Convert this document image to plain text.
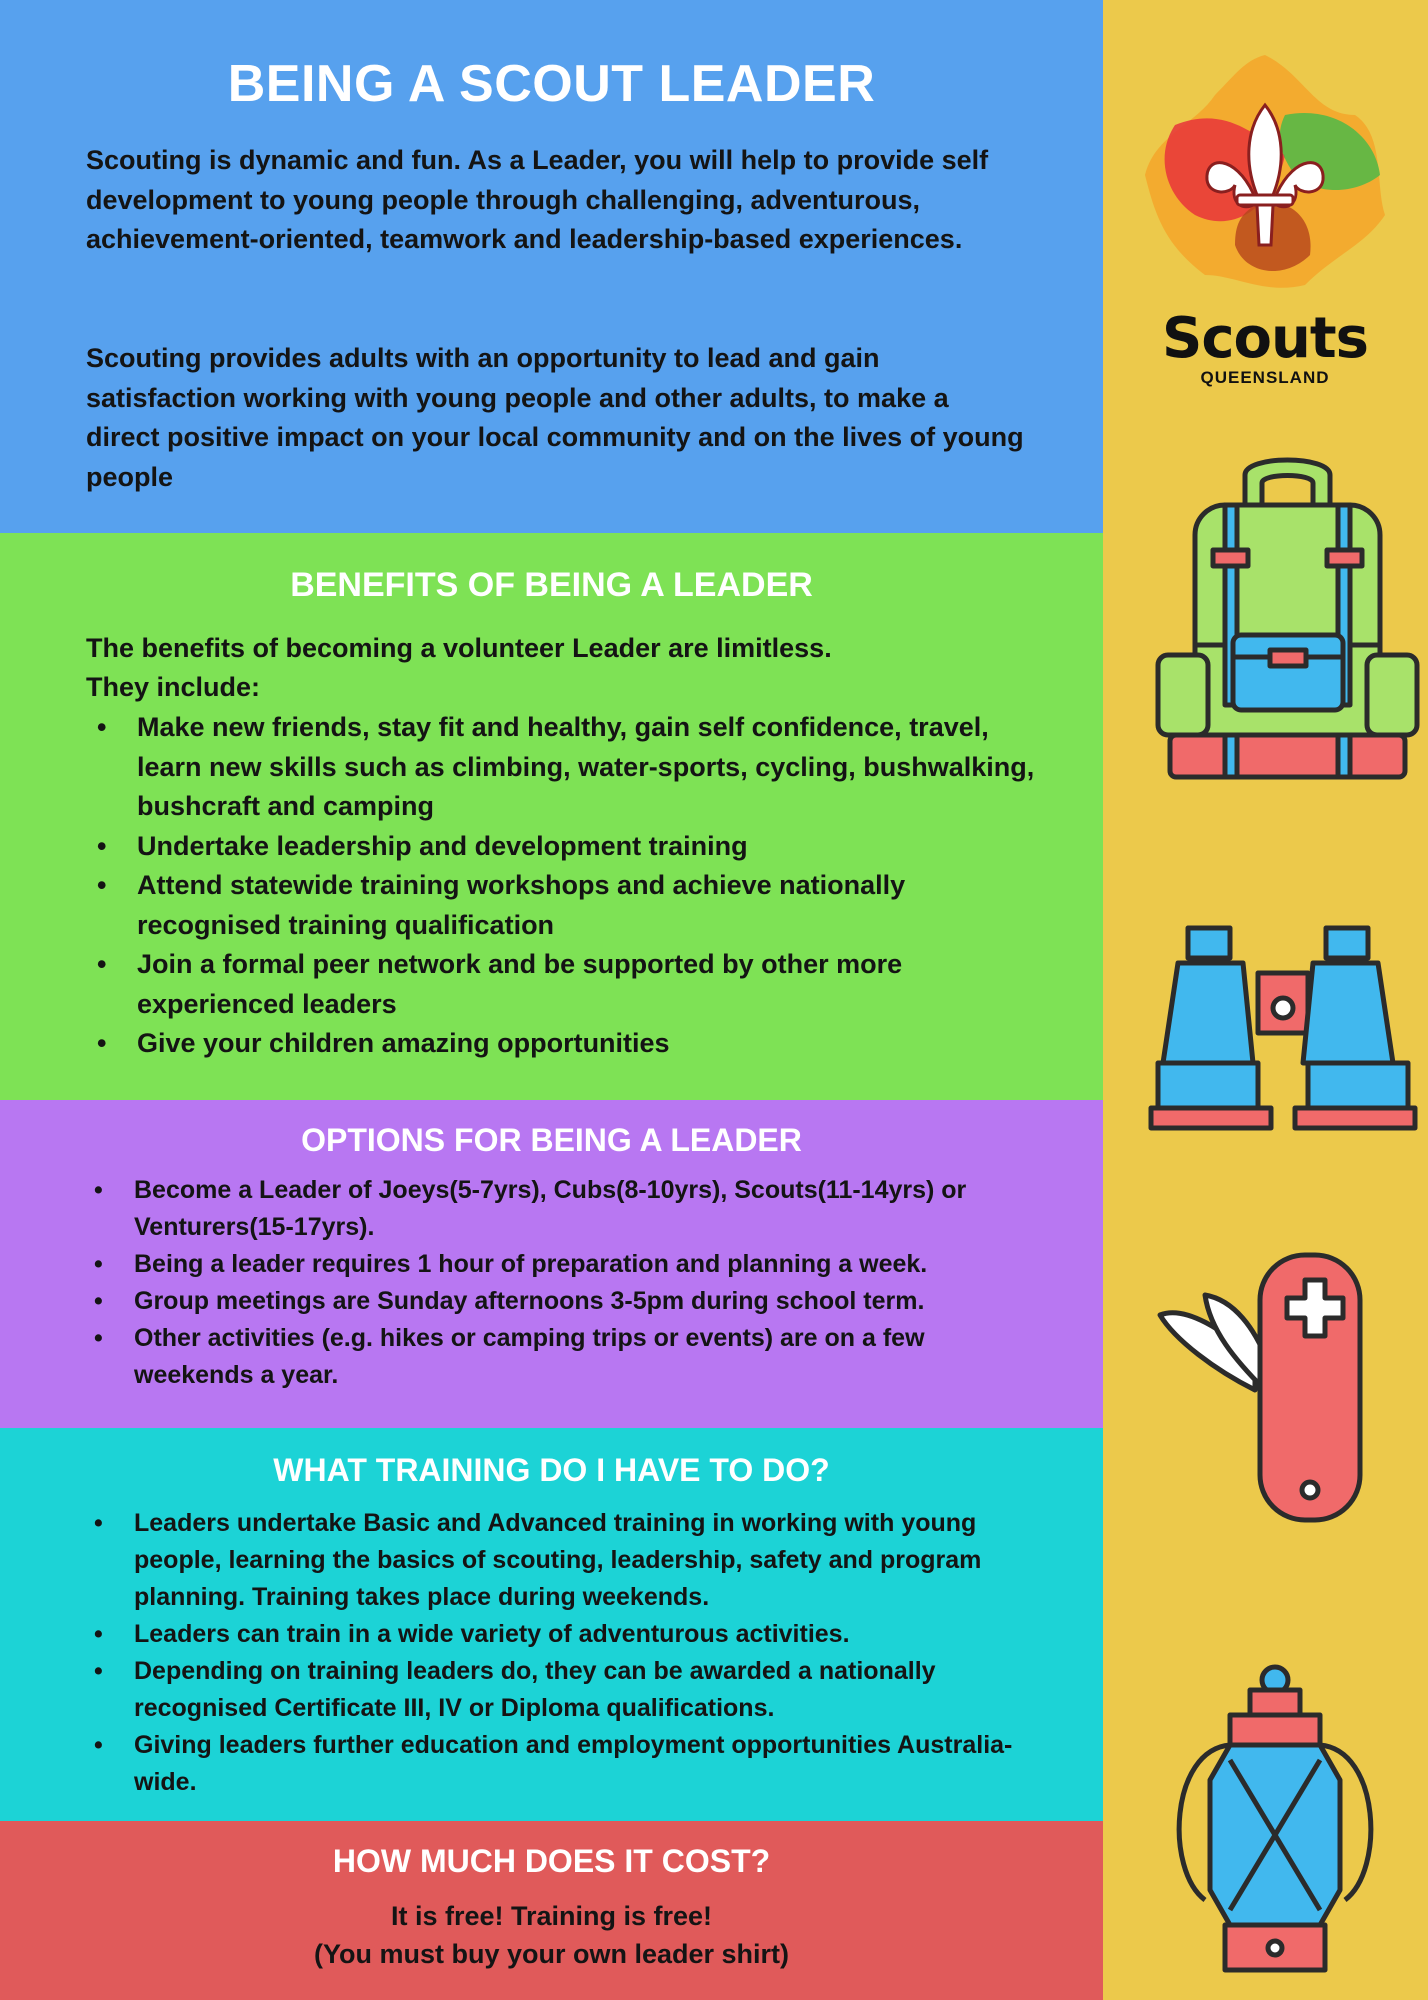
BEING A SCOUT LEADER

Scouting is dynamic and fun. As a Leader, you will help to provide self development to young people through challenging, adventurous, achievement-oriented, teamwork and leadership-based experiences.

Scouting provides adults with an opportunity to lead and gain satisfaction working with young people and other adults, to make a direct positive impact on your local community and on the lives of young people

BENEFITS OF BEING A LEADER

The benefits of becoming a volunteer Leader are limitless.

They include:

• Make new friends, stay fit and healthy, gain self confidence, travel, learn new skills such as climbing, water-sports, cycling, bushwalking, bushcraft and camping
• Undertake leadership and development training
• Attend statewide training workshops and achieve nationally recognised training qualification
• Join a formal peer network and be supported by other more experienced leaders
• Give your children amazing opportunities
OPTIONS FOR BEING A LEADER
• Become a Leader of Joeys(5-7yrs), Cubs(8-10yrs), Scouts(11-14yrs) or Venturers(15-17yrs).
• Being a leader requires 1 hour of preparation and planning a week.
• Group meetings are Sunday afternoons 3-5pm during school term.
• Other activities (e.g. hikes or camping trips or events) are on a few weekends a year.
WHAT TRAINING DO I HAVE TO DO?
• Leaders undertake Basic and Advanced training in working with young people, learning the basics of scouting, leadership, safety and program planning. Training takes place during weekends.
• Leaders can train in a wide variety of adventurous activities.
• Depending on training leaders do, they can be awarded a nationally recognised Certificate III, IV or Diploma qualifications.
• Giving leaders further education and employment opportunities Australia-wide.
HOW MUCH DOES IT COST?
It is free! Training is free!
(You must buy your own leader shirt)
Scouts
QUEENSLAND
